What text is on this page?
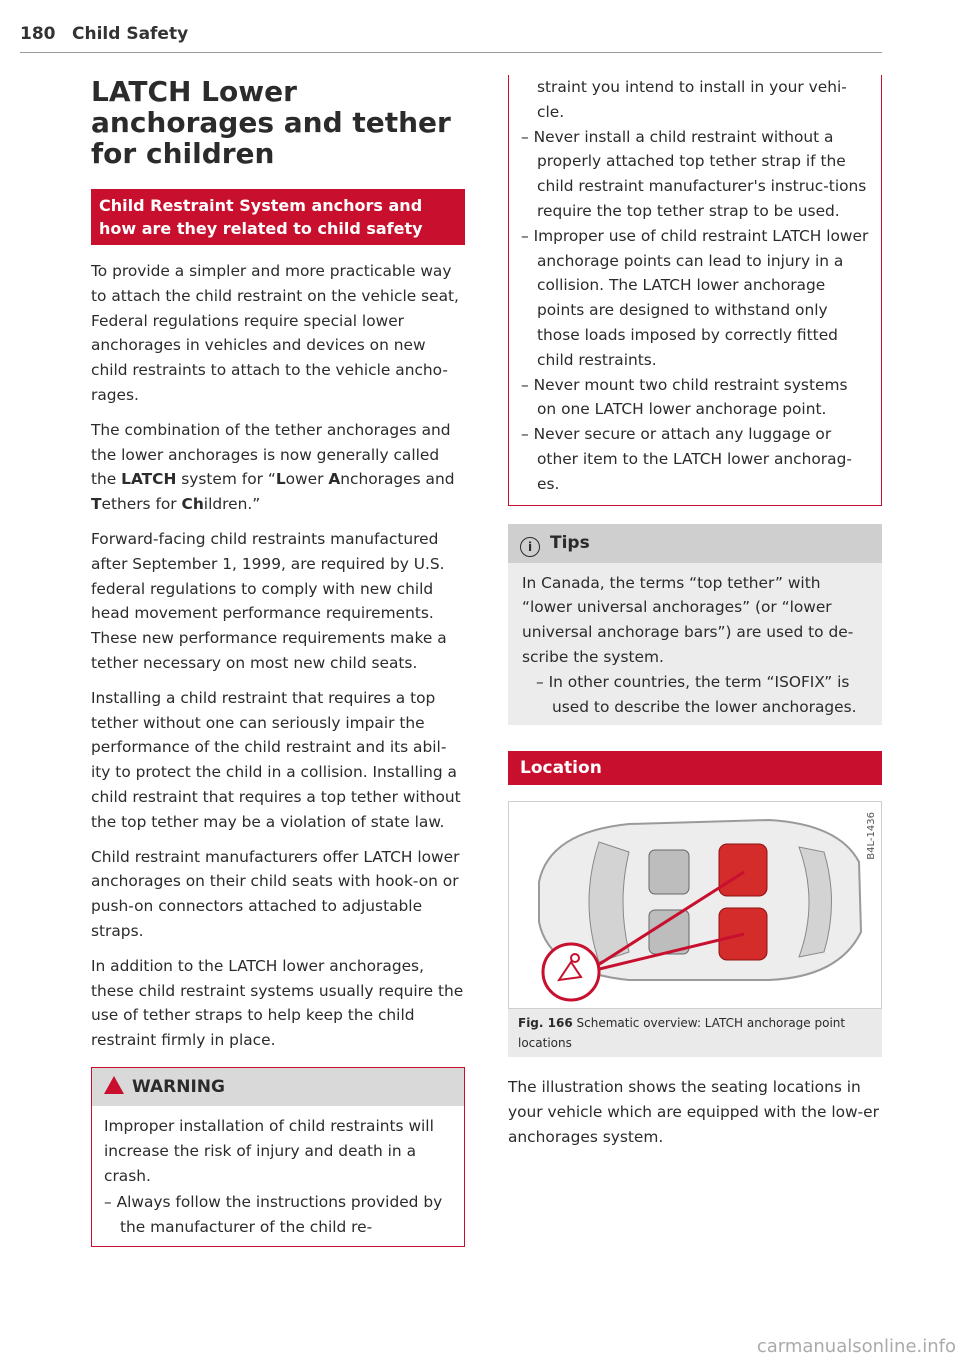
180 Child Safety
LATCH Lower anchorages and tether for children
Child Restraint System anchors and how are they related to child safety

To provide a simpler and more practicable way to attach the child restraint on the vehicle seat, Federal regulations require special lower anchorages in vehicles and devices on new child restraints to attach to the vehicle ancho-rages.

The combination of the tether anchorages and the lower anchorages is now generally called the LATCH system for “Lower Anchorages and Tethers for Children.”

Forward-facing child restraints manufactured after September 1, 1999, are required by U.S. federal regulations to comply with new child head movement performance requirements. These new performance requirements make a tether necessary on most new child seats.

Installing a child restraint that requires a top tether without one can seriously impair the performance of the child restraint and its abil-ity to protect the child in a collision. Installing a child restraint that requires a top tether without the top tether may be a violation of state law.

Child restraint manufacturers offer LATCH lower anchorages on their child seats with hook-on or push-on connectors attached to adjustable straps.

In addition to the LATCH lower anchorages, these child restraint systems usually require the use of tether straps to help keep the child restraint firmly in place.

WARNING

Improper installation of child restraints will increase the risk of injury and death in a crash.

– Always follow the instructions provided by the manufacturer of the child re-
straint you intend to install in your vehi-cle.
– Never install a child restraint without a properly attached top tether strap if the child restraint manufacturer's instruc-tions require the top tether strap to be used.
– Improper use of child restraint LATCH lower anchorage points can lead to injury in a collision. The LATCH lower anchorage points are designed to withstand only those loads imposed by correctly fitted child restraints.
– Never mount two child restraint systems on one LATCH lower anchorage point.
– Never secure or attach any luggage or other item to the LATCH lower anchorag-es.
i Tips

In Canada, the terms “top tether” with “lower universal anchorages” (or “lower universal anchorage bars”) are used to de-scribe the system.

– In other countries, the term “ISOFIX” is used to describe the lower anchorages.
Location
B4L-1436
Fig. 166 Schematic overview: LATCH anchorage point locations

The illustration shows the seating locations in your vehicle which are equipped with the low-er anchorages system.

carmanualsonline.info
